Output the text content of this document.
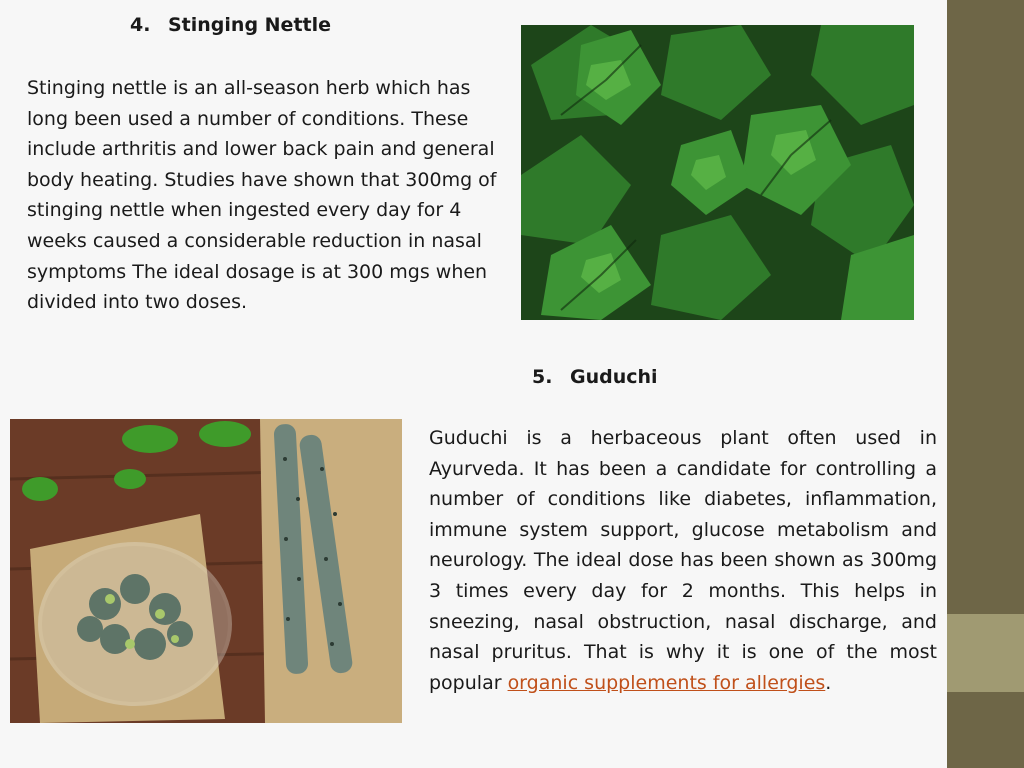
4. Stinging Nettle
Stinging nettle is an all-season herb which has long been used a number of conditions. These include arthritis and lower back pain and general body heating. Studies have shown that 300mg of stinging nettle when ingested every day for 4 weeks caused a considerable reduction in nasal symptoms The ideal dosage is at 300 mgs when divided into two doses.
5. Guduchi
Guduchi is a herbaceous plant often used in Ayurveda. It has been a candidate for controlling a number of conditions like diabetes, inflammation, immune system support, glucose metabolism and neurology. The ideal dose has been shown as 300mg 3 times every day for 2 months. This helps in sneezing, nasal obstruction, nasal discharge, and nasal pruritus. That is why it is one of the most popular organic supplements for allergies.
